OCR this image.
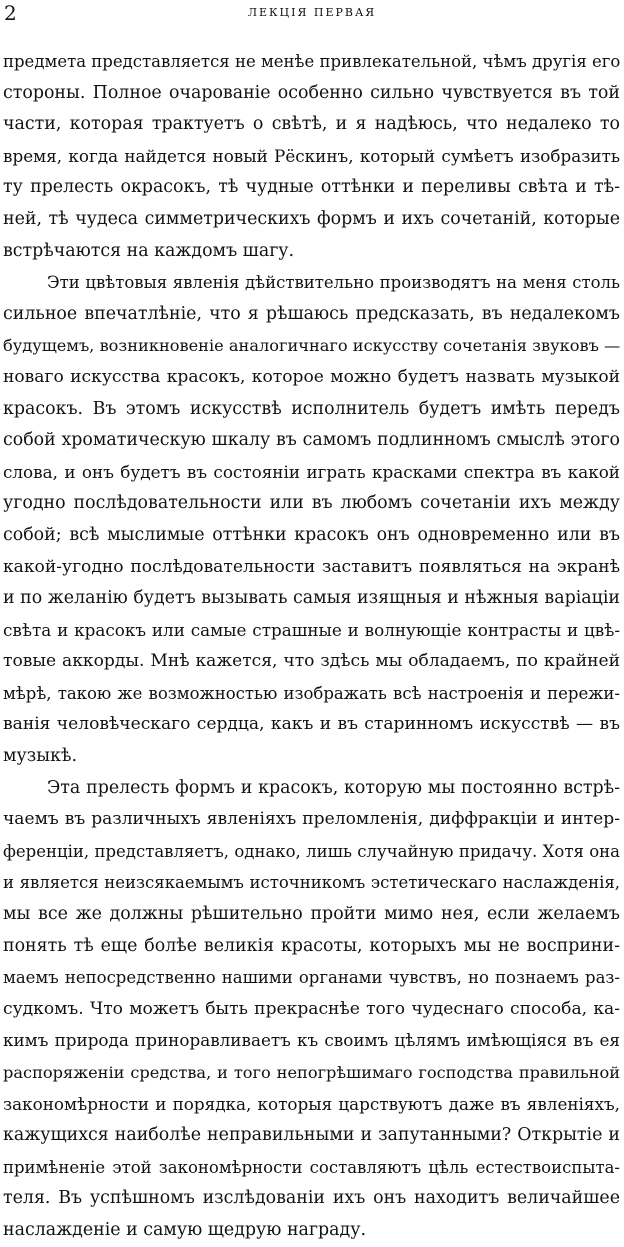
2	ЛЕКЦІЯ ПЕРВАЯ
предмета представляется не менѣе привлекательной, чѣмъ другія его
стороны. Полное очарованіе особенно сильно чувствуется въ той
части, которая трактуетъ о свѣтѣ, и я надѣюсь, что недалеко то
время, когда найдется новый Рёскинъ, который сумѣетъ изобразить
ту прелесть окрасокъ, тѣ чудные оттѣнки и переливы свѣта и тѣ-
ней, тѣ чудеса симметрическихъ формъ и ихъ сочетаній, которые
встрѣчаются на каждомъ шагу.
Эти цвѣтовыя явленія дѣйствительно производятъ на меня столь
сильное впечатлѣніе, что я рѣшаюсь предсказать, въ недалекомъ
будущемъ, возникновеніе аналогичнаго искусству сочетанія звуковъ —
новаго искусства красокъ, которое можно будетъ назвать музыкой
красокъ. Въ этомъ искусствѣ исполнитель будетъ имѣть передъ
собой хроматическую шкалу въ самомъ подлинномъ смыслѣ этого
слова, и онъ будетъ въ состояніи играть красками спектра въ какой
угодно послѣдовательности или въ любомъ сочетаніи ихъ между
собой; всѣ мыслимые оттѣнки красокъ онъ одновременно или въ
какой-угодно послѣдовательности заставитъ появляться на экранѣ
и по желанію будетъ вызывать самыя изящныя и нѣжныя варіаціи
свѣта и красокъ или самые страшные и волнующіе контрасты и цвѣ-
товые аккорды. Мнѣ кажется, что здѣсь мы обладаемъ, по крайней
мѣрѣ, такою же возможностью изображать всѣ настроенія и пережи-
ванія человѣческаго сердца, какъ и въ старинномъ искусствѣ — въ
музыкѣ.
Эта прелесть формъ и красокъ, которую мы постоянно встрѣ-
чаемъ въ различныхъ явленіяхъ преломленія, диффракціи и интер-
ференціи, представляетъ, однако, лишь случайную придачу. Хотя она
и является неизсякаемымъ источникомъ эстетическаго наслажденія,
мы все же должны рѣшительно пройти мимо нея, если желаемъ
понять тѣ еще болѣе великія красоты, которыхъ мы не восприни-
маемъ непосредственно нашими органами чувствъ, но познаемъ раз-
судкомъ. Что можетъ быть прекраснѣе того чудеснаго способа, ка-
кимъ природа приноравливаетъ къ своимъ цѣлямъ имѣющіяся въ ея
распоряженіи средства, и того непогрѣшимаго господства правильной
закономѣрности и порядка, которыя царствуютъ даже въ явленіяхъ,
кажущихся наиболѣе неправильными и запутанными? Открытіе и
примѣненіе этой закономѣрности составляютъ цѣль естествоиспыта-
теля. Въ успѣшномъ изслѣдованіи ихъ онъ находитъ величайшее
наслажденіе и самую щедрую награду.
